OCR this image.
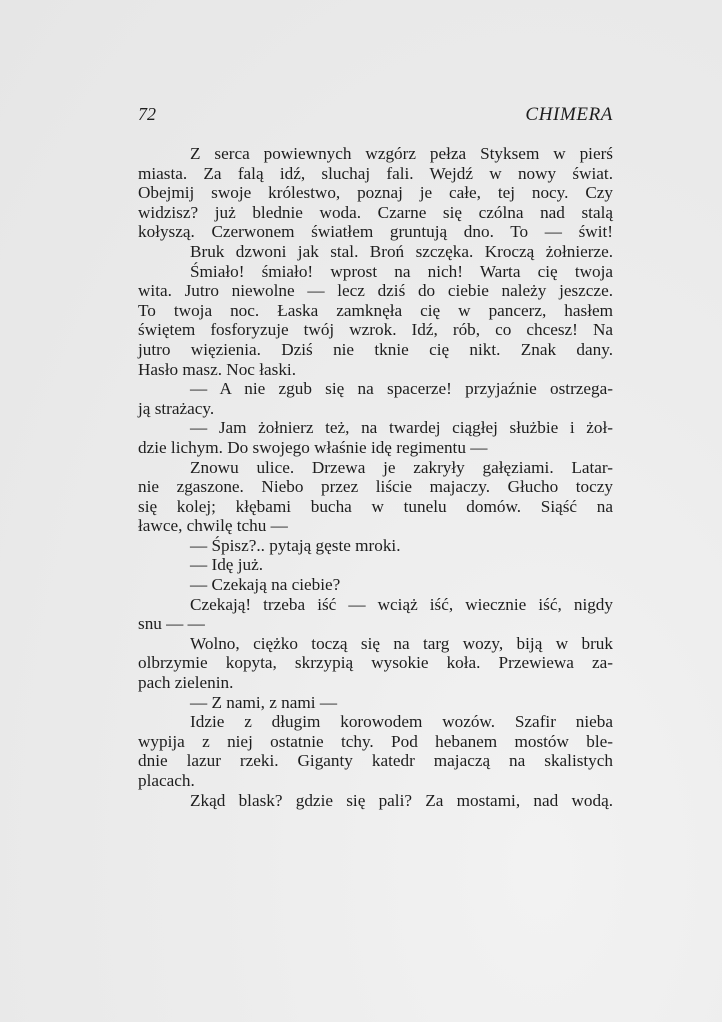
72	CHIMERA
Z serca powiewnych wzgórz pełza Styksem w pierś
miasta. Za falą idź, sluchaj fali. Wejdź w nowy świat.
Obejmij swoje królestwo, poznaj je całe, tej nocy. Czy
widzisz? już blednie woda. Czarne się czólna nad stalą
kołyszą. Czerwonem światłem gruntują dno. To — świt!
Bruk dzwoni jak stal. Broń szczęka. Kroczą żołnierze.
Śmiało! śmiało! wprost na nich! Warta cię twoja
wita. Jutro niewolne — lecz dziś do ciebie należy jeszcze.
To twoja noc. Łaska zamknęła cię w pancerz, hasłem
świętem fosforyzuje twój wzrok. Idź, rób, co chcesz! Na
jutro więzienia. Dziś nie tknie cię nikt. Znak dany.
Hasło masz. Noc łaski.
— A nie zgub się na spacerze! przyjaźnie ostrzega-
ją strażacy.
— Jam żołnierz też, na twardej ciągłej służbie i żoł-
dzie lichym. Do swojego właśnie idę regimentu —
Znowu ulice. Drzewa je zakryły gałęziami. Latar-
nie zgaszone. Niebo przez liście majaczy. Głucho toczy
się kolej; kłębami bucha w tunelu domów. Siąść na
ławce, chwilę tchu —
— Śpisz?.. pytają gęste mroki.
— Idę już.
— Czekają na ciebie?
Czekają! trzeba iść — wciąż iść, wiecznie iść, nigdy
snu — —
Wolno, ciężko toczą się na targ wozy, biją w bruk
olbrzymie kopyta, skrzypią wysokie koła. Przewiewa za-
pach zielenin.
— Z nami, z nami —
Idzie z długim korowodem wozów. Szafir nieba
wypija z niej ostatnie tchy. Pod hebanem mostów ble-
dnie lazur rzeki. Giganty katedr majaczą na skalistych
placach.
Zkąd blask? gdzie się pali? Za mostami, nad wodą.
